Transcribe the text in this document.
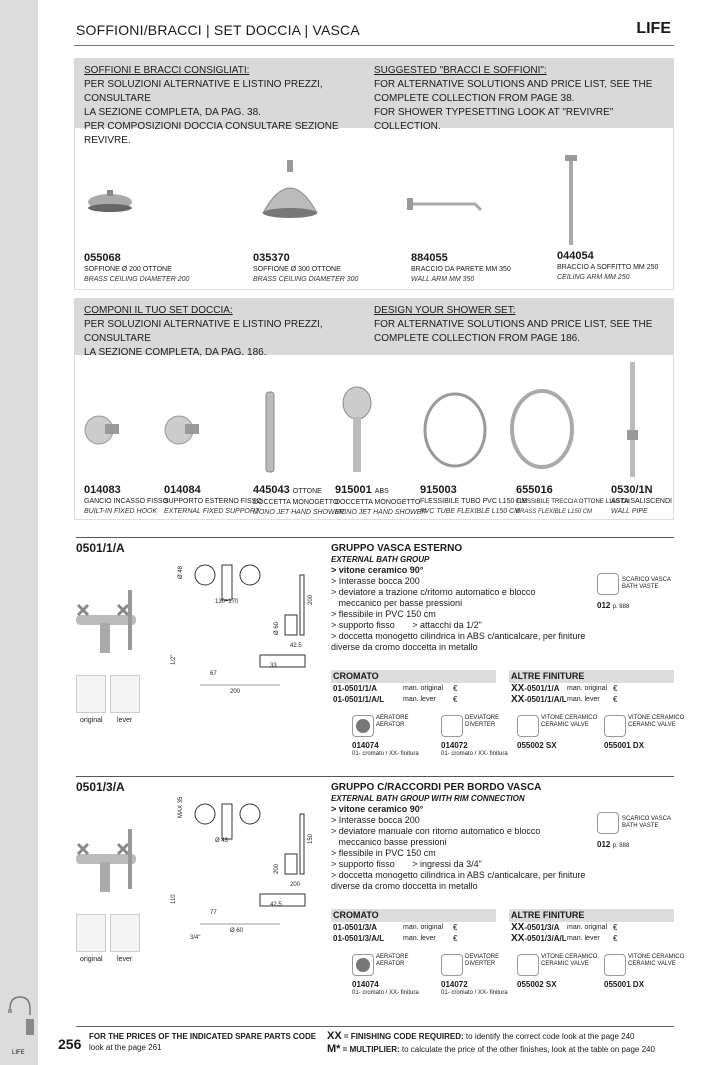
LIFE
SOFFIONI/BRACCI | SET DOCCIA | VASCA	LIFE
SOFFIONI E BRACCI CONSIGLIATI:
PER SOLUZIONI ALTERNATIVE E LISTINO PREZZI, CONSULTARE
LA SEZIONE COMPLETA, DA PAG. 38.
PER COMPOSIZIONI DOCCIA CONSULTARE SEZIONE REVIVRE.
SUGGESTED "BRACCI E SOFFIONI":
FOR ALTERNATIVE SOLUTIONS AND PRICE LIST, SEE THE
COMPLETE COLLECTION FROM PAGE 38.
FOR SHOWER TYPESETTING LOOK AT "REVIVRE" COLLECTION.
055068
SOFFIONE Ø 200 OTTONE
BRASS CEILING DIAMETER 200
035370
SOFFIONE Ø 300 OTTONE
BRASS CEILING DIAMETER 300
884055
BRACCIO DA PARETE MM 350
WALL ARM MM 350
044054
BRACCIO A SOFFITTO MM 250
CEILING ARM MM 250
COMPONI IL TUO SET DOCCIA:
PER SOLUZIONI ALTERNATIVE E LISTINO PREZZI, CONSULTARE
LA SEZIONE COMPLETA, DA PAG. 186.
DESIGN YOUR SHOWER SET:
FOR ALTERNATIVE SOLUTIONS AND PRICE LIST, SEE THE
COMPLETE COLLECTION FROM PAGE 186.
014083
GANCIO INCASSO FISSO
BUILT-IN FIXED HOOK
014084
SUPPORTO ESTERNO FISSO
EXTERNAL FIXED SUPPORT
445043 OTTONE
DOCCETTA MONOGETTO
MONO JET HAND SHOWER
915001 ABS
DOCCETTA MONOGETTO
MONO JET HAND SHOWER
915003
FLESSIBILE TUBO PVC L150 CM
PVC TUBE FLEXIBLE L150 CM
655016
FLESSIBILE TRECCIA OTTONE L150 CM
BRASS FLEXIBLE L150 CM
0530/1N
ASTA SALISCENDI
WALL PIPE
0501/1/A
original lever
Ø 48
130÷170	200
Ø 60
42.5
1/2"
67
200
33
GRUPPO VASCA ESTERNO
EXTERNAL BATH GROUP
> vitone ceramico 90°
> Interasse bocca 200
> deviatore a trazione c/ritorno automatico e blocco
meccanico per basse pressioni
> flessibile in PVC 150 cm
> supporto fisso       > attacchi da 1/2"
> doccetta monogetto cilindrica in ABS c/anticalcare, per finiture
diverse da cromo doccetta in metallo
SCARICO VASCA
BATH VASTE
012 p. 888
CROMATO
01-0501/1/A	man. original	€
01-0501/1/A/L	man. lever	€
ALTRE FINITURE
XX-0501/1/A	man. original €
XX-0501/1/A/L man. lever	€
AERATORE
AERATOR
014074
01- cromato / XX- finitura
DEVIATORE
DIVERTER
014072
01- cromato / XX- finitura
VITONE CERAMICO
CERAMIC VALVE
055002 SX
VITONE CERAMICO
CERAMIC VALVE
055001 DX
0501/3/A
original lever
MAX 35
Ø 43	150
200
200
110
77
Ø 60
42.5
3/4"
GRUPPO C/RACCORDI PER BORDO VASCA
EXTERNAL BATH GROUP WITH RIM CONNECTION
> vitone ceramico 90°
> Interasse bocca 200
> deviatore manuale con ritorno automatico e blocco
meccanico basse pressioni
> flessibile in PVC 150 cm
> supporto fisso       > ingressi da 3/4"
> doccetta monogetto cilindrica in ABS c/anticalcare, per finiture
diverse da cromo doccetta in metallo
SCARICO VASCA
BATH VASTE
012 p. 888
CROMATO
01-0501/3/A	man. original	€
01-0501/3/A/L	man. lever	€
ALTRE FINITURE
XX-0501/3/A	man. original €
XX-0501/3/A/L man. lever	€
AERATORE
AERATOR
014074
01- cromato / XX- finitura
DEVIATORE
DIVERTER
014072
01- cromato / XX- finitura
VITONE CERAMICO
CERAMIC VALVE
055002 SX
VITONE CERAMICO
CERAMIC VALVE
055001 DX
256 FOR THE PRICES OF THE INDICATED SPARE PARTS CODE
look at the page 261
XX = FINISHING CODE REQUIRED: to identify the correct code look at the page 240
M* = MULTIPLIER: to calculate the price of the other finishes, look at the table on page 240
